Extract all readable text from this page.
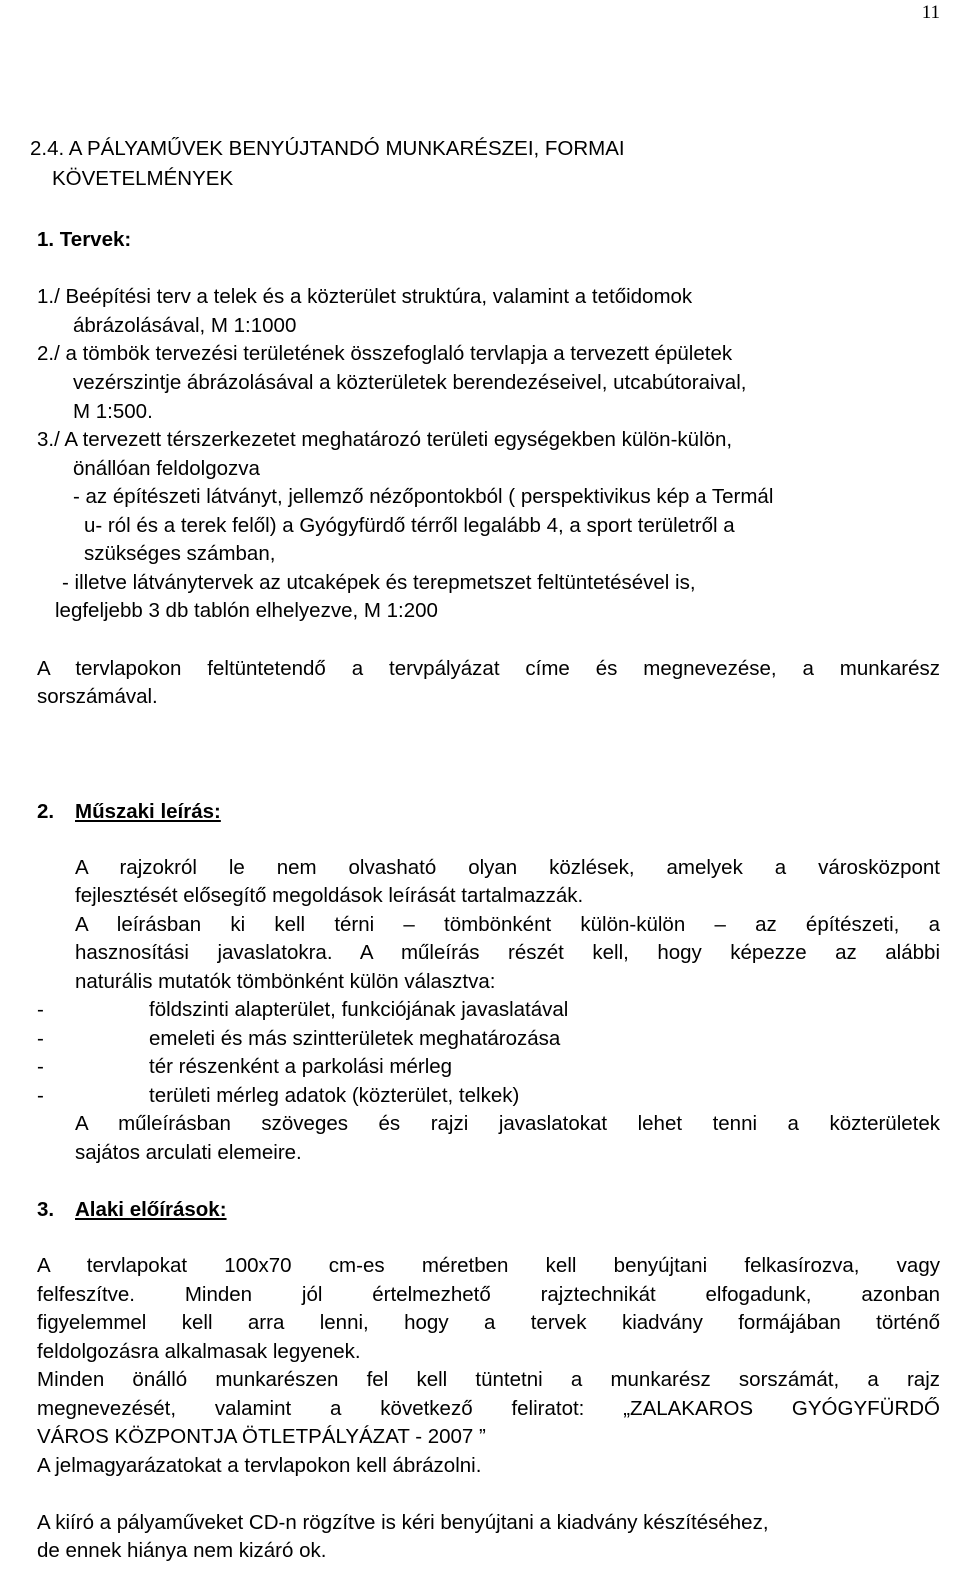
11
2.4. A PÁLYAMŰVEK BENYÚJTANDÓ MUNKARÉSZEI, FORMAI
KÖVETELMÉNYEK
1. Tervek:
1./ Beépítési terv a telek és a közterület struktúra, valamint a tetőidomok
ábrázolásával, M 1:1000
2./ a tömbök tervezési területének összefoglaló tervlapja a tervezett épületek
vezérszintje ábrázolásával a közterületek berendezéseivel, utcabútoraival,
M 1:500.
3./ A tervezett térszerkezetet meghatározó területi egységekben külön-külön,
önállóan feldolgozva
- az építészeti látványt, jellemző nézőpontokból ( perspektivikus kép a Termál
u- ról és a terek felől) a Gyógyfürdő térről legalább 4, a sport területről a
szükséges számban,
- illetve látványtervek az utcaképek és terepmetszet feltüntetésével is,
legfeljebb 3 db tablón elhelyezve, M 1:200
A tervlapokon feltüntetendő a tervpályázat címe és megnevezése, a munkarész
sorszámával.
2. Műszaki leírás:
A rajzokról le nem olvasható olyan közlések, amelyek a városközpont
fejlesztését elősegítő megoldások leírását tartalmazzák.
A leírásban ki kell térni – tömbönként külön-külön – az építészeti, a
hasznosítási javaslatokra. A műleírás részét kell, hogy képezze az alábbi
naturális mutatók tömbönként külön választva:
-	földszinti alapterület, funkciójának javaslatával
-	emeleti és más szintterületek meghatározása
-	tér részenként a parkolási mérleg
-	területi mérleg adatok (közterület, telkek)
A műleírásban szöveges és rajzi javaslatokat lehet tenni a közterületek
sajátos arculati elemeire.
3. Alaki előírások:
A tervlapokat 100x70 cm-es méretben kell benyújtani felkasírozva, vagy
felfeszítve. Minden jól értelmezhető rajztechnikát elfogadunk, azonban
figyelemmel kell arra lenni, hogy a tervek kiadvány formájában történő
feldolgozásra alkalmasak legyenek.
Minden önálló munkarészen fel kell tüntetni a munkarész sorszámát, a rajz
megnevezését, valamint a következő feliratot: „ZALAKAROS GYÓGYFÜRDŐ
VÁROS KÖZPONTJA ÖTLETPÁLYÁZAT - 2007 ”
A jelmagyarázatokat a tervlapokon kell ábrázolni.
A kiíró a pályaműveket CD-n rögzítve is kéri benyújtani a kiadvány készítéséhez,
de ennek hiánya nem kizáró ok.
